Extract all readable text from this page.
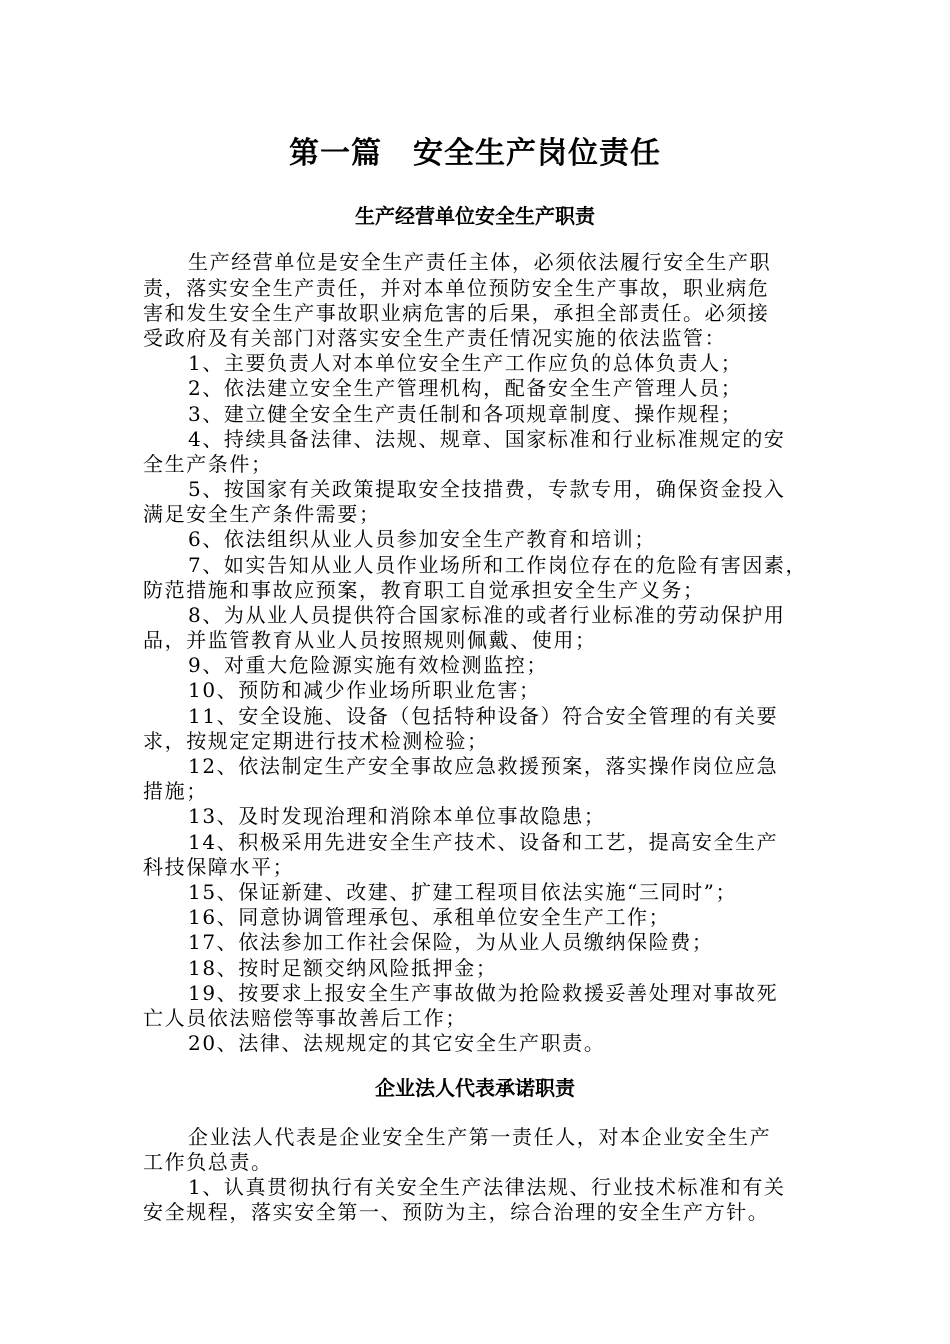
第一篇　安全生产岗位责任
生产经营单位安全生产职责
生产经营单位是安全生产责任主体，必须依法履行安全生产职
责，落实安全生产责任，并对本单位预防安全生产事故，职业病危
害和发生安全生产事故职业病危害的后果，承担全部责任。必须接
受政府及有关部门对落实安全生产责任情况实施的依法监管：
1、主要负责人对本单位安全生产工作应负的总体负责人；
2、依法建立安全生产管理机构，配备安全生产管理人员；
3、建立健全安全生产责任制和各项规章制度、操作规程；
4、持续具备法律、法规、规章、国家标准和行业标准规定的安
全生产条件；
5、按国家有关政策提取安全技措费，专款专用，确保资金投入
满足安全生产条件需要；
6、依法组织从业人员参加安全生产教育和培训；
7、如实告知从业人员作业场所和工作岗位存在的危险有害因素，
防范措施和事故应预案，教育职工自觉承担安全生产义务；
8、为从业人员提供符合国家标准的或者行业标准的劳动保护用
品，并监管教育从业人员按照规则佩戴、使用；
9、对重大危险源实施有效检测监控；
10、预防和减少作业场所职业危害；
11、安全设施、设备（包括特种设备）符合安全管理的有关要
求，按规定定期进行技术检测检验；
12、依法制定生产安全事故应急救援预案，落实操作岗位应急
措施；
13、及时发现治理和消除本单位事故隐患；
14、积极采用先进安全生产技术、设备和工艺，提高安全生产
科技保障水平；
15、保证新建、改建、扩建工程项目依法实施“三同时”；
16、同意协调管理承包、承租单位安全生产工作；
17、依法参加工作社会保险，为从业人员缴纳保险费；
18、按时足额交纳风险抵押金；
19、按要求上报安全生产事故做为抢险救援妥善处理对事故死
亡人员依法赔偿等事故善后工作；
20、法律、法规规定的其它安全生产职责。
企业法人代表承诺职责
企业法人代表是企业安全生产第一责任人，对本企业安全生产
工作负总责。
1、认真贯彻执行有关安全生产法律法规、行业技术标准和有关
安全规程，落实安全第一、预防为主，综合治理的安全生产方针。
